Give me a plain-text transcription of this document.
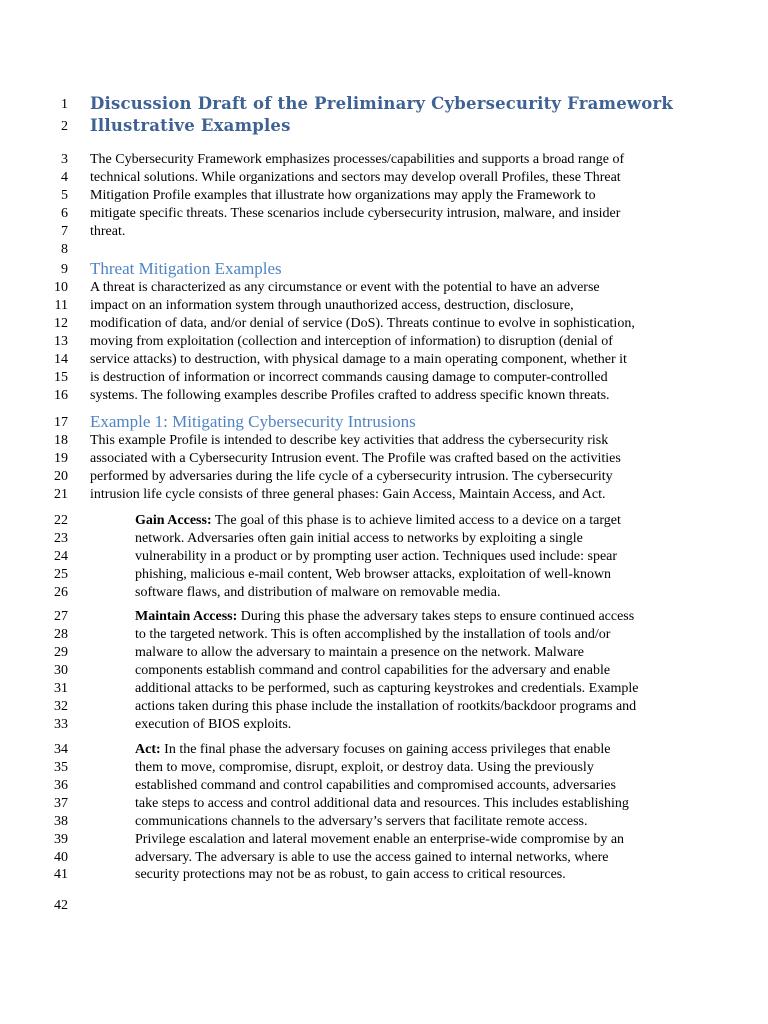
1
2
3
4
5
6
7
8
9
10
11
12
13
14
15
16
17
18
19
20
21
22
23
24
25
26
27
28
29
30
31
32
33
34
35
36
37
38
39
40
41
42
Discussion Draft of the Preliminary Cybersecurity Framework
Illustrative Examples
The Cybersecurity Framework emphasizes processes/capabilities and supports a broad range of
technical solutions. While organizations and sectors may develop overall Profiles, these Threat
Mitigation Profile examples that illustrate how organizations may apply the Framework to
mitigate specific threats. These scenarios include cybersecurity intrusion, malware, and insider
threat.
Threat Mitigation Examples
A threat is characterized as any circumstance or event with the potential to have an adverse
impact on an information system through unauthorized access, destruction, disclosure,
modification of data, and/or denial of service (DoS). Threats continue to evolve in sophistication,
moving from exploitation (collection and interception of information) to disruption (denial of
service attacks) to destruction, with physical damage to a main operating component, whether it
is destruction of information or incorrect commands causing damage to computer-controlled
systems. The following examples describe Profiles crafted to address specific known threats.
Example 1: Mitigating Cybersecurity Intrusions
This example Profile is intended to describe key activities that address the cybersecurity risk
associated with a Cybersecurity Intrusion event. The Profile was crafted based on the activities
performed by adversaries during the life cycle of a cybersecurity intrusion. The cybersecurity
intrusion life cycle consists of three general phases: Gain Access, Maintain Access, and Act.
Gain Access: The goal of this phase is to achieve limited access to a device on a target
network. Adversaries often gain initial access to networks by exploiting a single
vulnerability in a product or by prompting user action. Techniques used include: spear
phishing, malicious e-mail content, Web browser attacks, exploitation of well-known
software flaws, and distribution of malware on removable media.
Maintain Access: During this phase the adversary takes steps to ensure continued access
to the targeted network. This is often accomplished by the installation of tools and/or
malware to allow the adversary to maintain a presence on the network. Malware
components establish command and control capabilities for the adversary and enable
additional attacks to be performed, such as capturing keystrokes and credentials. Example
actions taken during this phase include the installation of rootkits/backdoor programs and
execution of BIOS exploits.
Act: In the final phase the adversary focuses on gaining access privileges that enable
them to move, compromise, disrupt, exploit, or destroy data. Using the previously
established command and control capabilities and compromised accounts, adversaries
take steps to access and control additional data and resources. This includes establishing
communications channels to the adversary’s servers that facilitate remote access.
Privilege escalation and lateral movement enable an enterprise-wide compromise by an
adversary. The adversary is able to use the access gained to internal networks, where
security protections may not be as robust, to gain access to critical resources.
